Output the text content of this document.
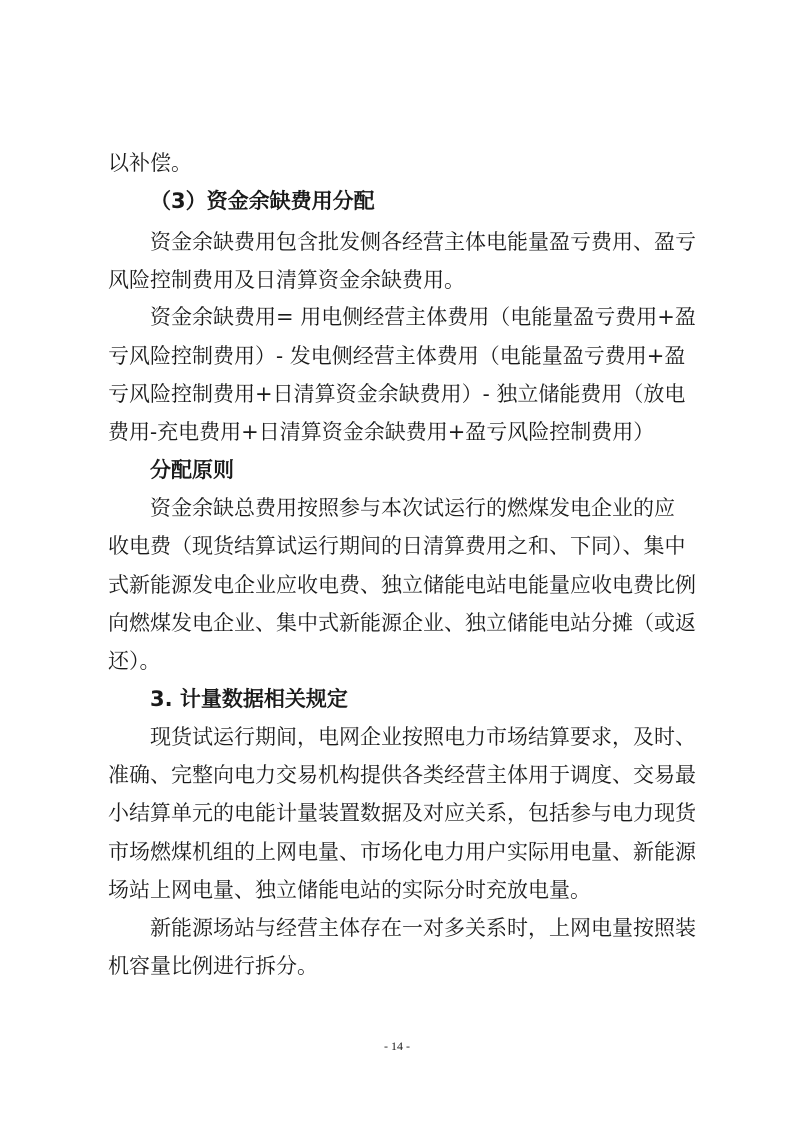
以补偿。
（3）资金余缺费用分配
资金余缺费用包含批发侧各经营主体电能量盈亏费用、盈亏
风险控制费用及日清算资金余缺费用。
资金余缺费用= 用电侧经营主体费用（电能量盈亏费用+盈
亏风险控制费用）- 发电侧经营主体费用（电能量盈亏费用+盈
亏风险控制费用+日清算资金余缺费用）- 独立储能费用（放电
费用-充电费用+日清算资金余缺费用+盈亏风险控制费用）
分配原则
资金余缺总费用按照参与本次试运行的燃煤发电企业的应
收电费（现货结算试运行期间的日清算费用之和、下同）、集中
式新能源发电企业应收电费、独立储能电站电能量应收电费比例
向燃煤发电企业、集中式新能源企业、独立储能电站分摊（或返
还）。
3. 计量数据相关规定
现货试运行期间，电网企业按照电力市场结算要求，及时、
准确、完整向电力交易机构提供各类经营主体用于调度、交易最
小结算单元的电能计量装置数据及对应关系，包括参与电力现货
市场燃煤机组的上网电量、市场化电力用户实际用电量、新能源
场站上网电量、独立储能电站的实际分时充放电量。
新能源场站与经营主体存在一对多关系时，上网电量按照装
机容量比例进行拆分。
- 14 -
